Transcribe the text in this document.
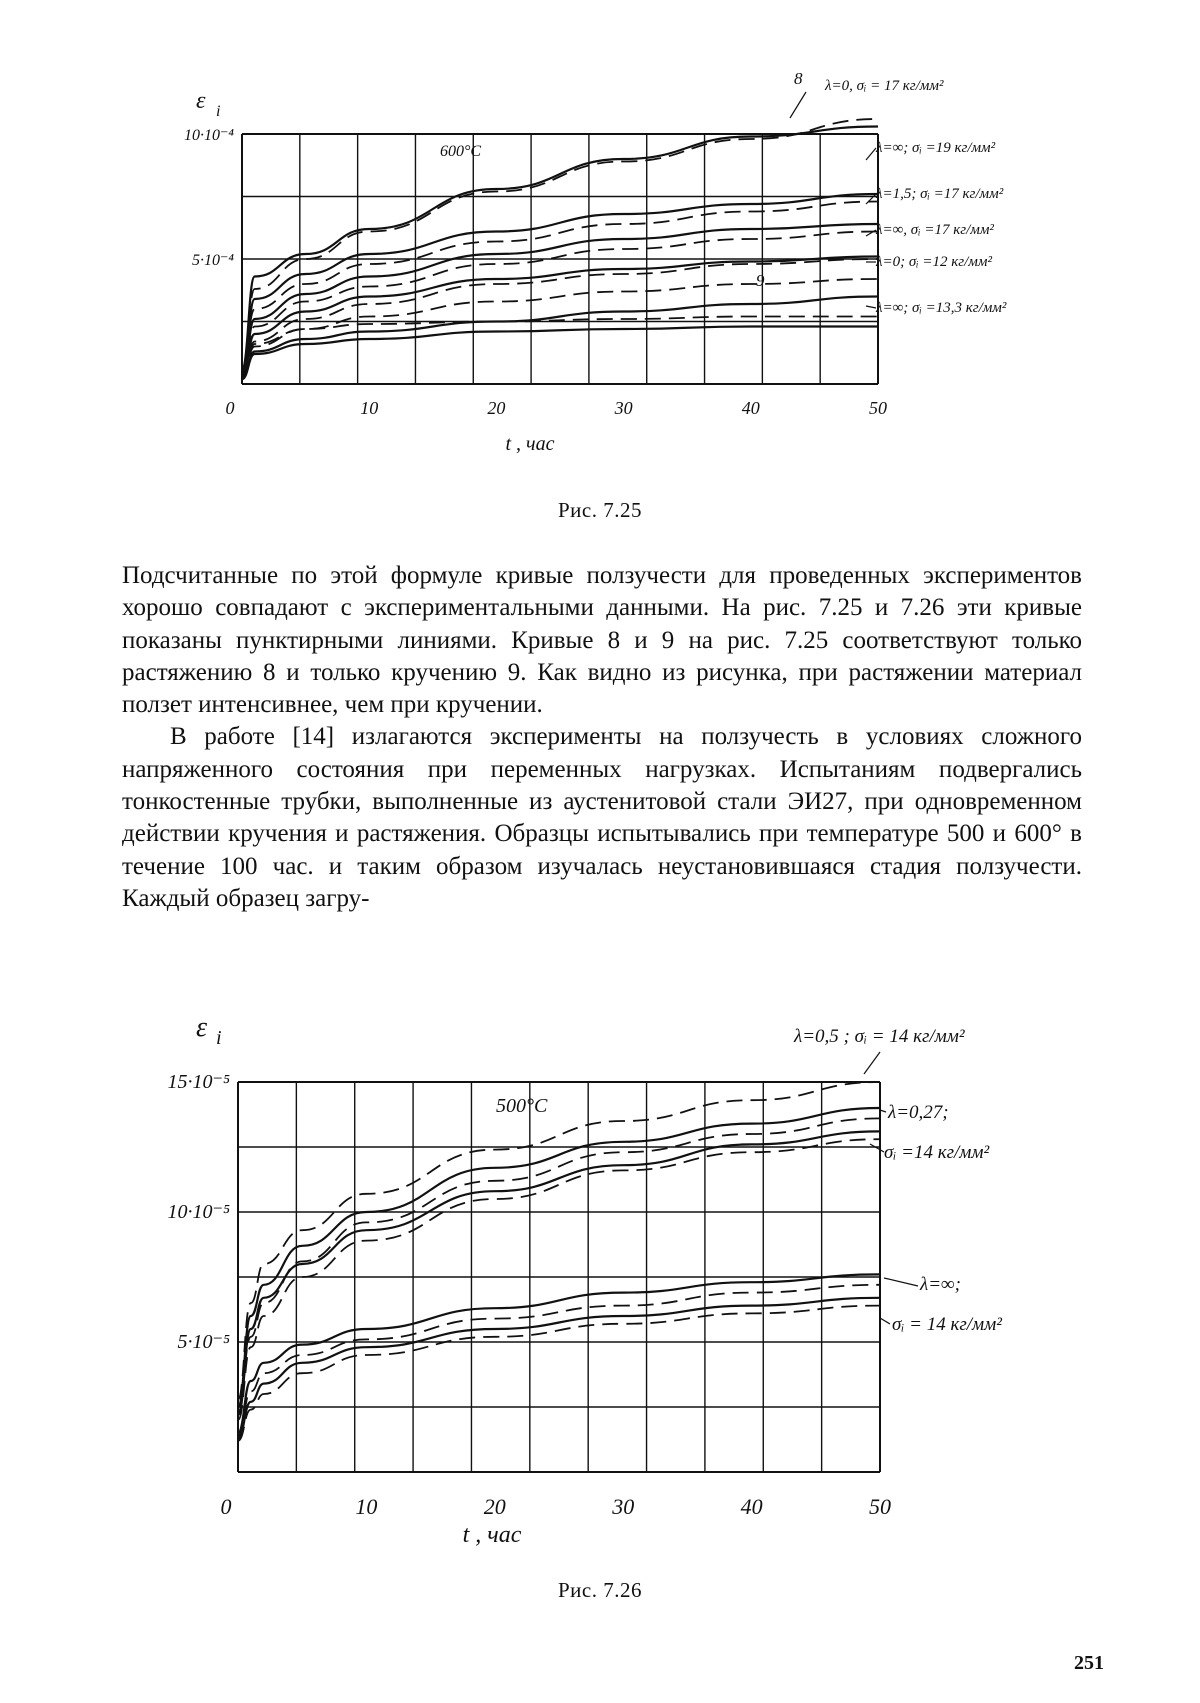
0	10	20	30	40	50
5·10⁻⁴
10·10⁻⁴
t , час
ε i
600°C
λ=0, σᵢ = 17 кг/мм²
λ=∞; σᵢ =19 кг/мм²
λ=1,5; σᵢ =17 кг/мм²
λ=∞, σᵢ =17 кг/мм²
λ=0; σᵢ =12 кг/мм²
λ=∞; σᵢ =13,3 кг/мм²
8
9
Рис. 7.25

Подсчитанные по этой формуле кривые ползучести для проведенных экспериментов хорошо совпадают с экспериментальными данными. На рис. 7.25 и 7.26 эти кривые показаны пунктирными линиями. Кривые 8 и 9 на рис. 7.25 соответствуют только растяжению 8 и только кручению 9. Как видно из рисунка, при растяжении материал ползет интенсивнее, чем при кручении.

В работе [14] излагаются эксперименты на ползучесть в условиях сложного напряженного состояния при переменных нагрузках. Испытаниям подвергались тонкостенные трубки, выполненные из аустенитовой стали ЭИ27, при одновременном действии кручения и растяжения. Образцы испытывались при температуре 500 и 600° в течение 100 час. и таким образом изучалась неустановившаяся стадия ползучести. Каждый образец загру-

0	10	20	30	40	50
5·10⁻⁵
10·10⁻⁵
15·10⁻⁵
t , час
ε i
500°C
λ=0,5 ; σᵢ = 14 кг/мм²
λ=0,27;
σᵢ =14 кг/мм²
λ=∞;
σᵢ = 14 кг/мм²
Рис. 7.26
251
